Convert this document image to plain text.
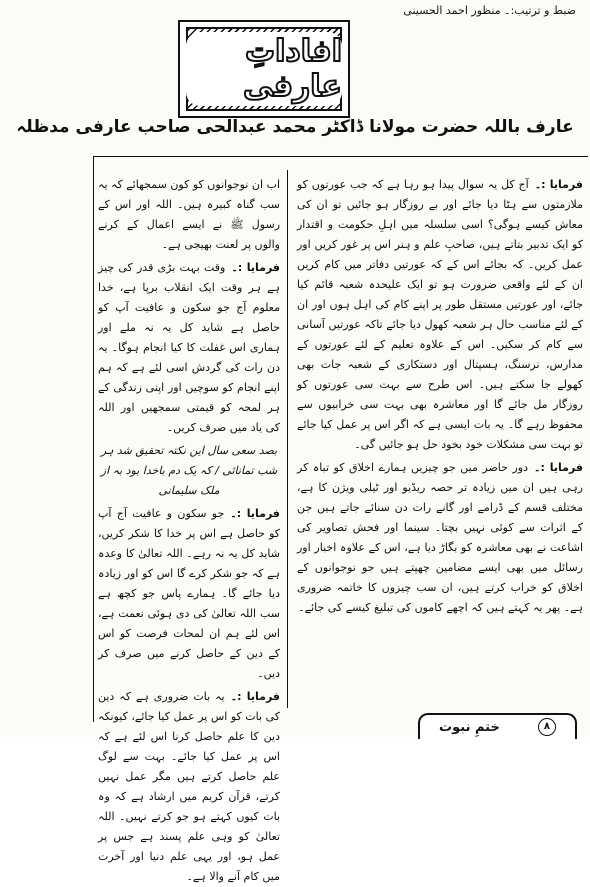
ضبط و ترتیب:۔ منظور احمد الحسینی
افاداتِ عارفی
عارف باللہ حضرت مولانا ڈاکٹر محمد عبدالحی صاحب عارفی مدظلہ

فرمایا :۔آج کل یہ سوال پیدا ہو رہا ہے کہ جب عورتوں کو ملازمتوں سے ہٹا دیا جائے اور بے روزگار ہو جائیں تو ان کی معاش کیسے ہوگی؟ اسی سلسلہ میں اہلِ حکومت و اقتدار کو ایک تدبیر بتاتے ہیں، صاحبِ علم و ہنر اس پر غور کریں اور عمل کریں۔ کہ بجائے اس کے کہ عورتیں دفاتر میں کام کریں ان کے لئے واقعی ضرورت ہو تو ایک علیحدہ شعبہ قائم کیا جائے، اور عورتیں مستقل طور پر اپنے کام کی اہل ہوں اور ان کے لئے مناسب حال ہر شعبہ کھول دیا جائے تاکہ عورتیں آسانی سے کام کر سکیں۔ اس کے علاوہ تعلیم کے لئے عورتوں کے مدارس، نرسنگ، ہسپتال اور دستکاری کے شعبہ جات بھی کھولے جا سکتے ہیں۔ اس طرح سے بہت سی عورتوں کو روزگار مل جائے گا اور معاشرہ بھی بہت سی خرابیوں سے محفوظ رہے گا۔ یہ بات ایسی ہے کہ اگر اس پر عمل کیا جائے تو بہت سی مشکلات خود بخود حل ہو جائیں گی۔

فرمایا :۔دور حاضر میں جو چیزیں ہمارے اخلاق کو تباہ کر رہی ہیں ان میں زیادہ تر حصہ ریڈیو اور ٹیلی ویژن کا ہے، مختلف قسم کے ڈرامے اور گانے رات دن سنائے جاتے ہیں جن کے اثرات سے کوئی نہیں بچتا۔ سینما اور فحش تصاویر کی اشاعت نے بھی معاشرہ کو بگاڑ دیا ہے، اس کے علاوہ اخبار اور رسائل میں بھی ایسے مضامین چھپتے ہیں جو نوجوانوں کے اخلاق کو خراب کرتے ہیں، ان سب چیزوں کا خاتمہ ضروری ہے۔ پھر یہ کہتے ہیں کہ اچھے کاموں کی تبلیغ کیسے کی جائے۔

اب ان نوجوانوں کو کون سمجھائے کہ یہ سب گناہ کبیرہ ہیں۔ اللہ اور اس کے رسول ﷺ نے ایسے اعمال کے کرنے والوں پر لعنت بھیجی ہے۔

فرمایا :۔وقت بہت بڑی قدر کی چیز ہے ہر وقت ایک انقلاب برپا ہے، خدا معلوم آج جو سکون و عافیت آپ کو حاصل ہے شاید کل یہ نہ ملے اور ہماری اس غفلت کا کیا انجام ہوگا۔ یہ دن رات کی گردش اسی لئے ہے کہ ہم اپنے انجام کو سوچیں اور اپنی زندگی کے ہر لمحہ کو قیمتی سمجھیں اور اللہ کی یاد میں صرف کریں۔

بصد سعی سال این نکتہ تحقیق شد ہر شب تمانائی / کہ یک دم باخدا بود بہ از ملک سلیمانی

فرمایا :۔جو سکون و عافیت آج آپ کو حاصل ہے اس پر خدا کا شکر کریں، شاید کل یہ نہ رہے۔ اللہ تعالیٰ کا وعدہ ہے کہ جو شکر کرے گا اس کو اور زیادہ دیا جائے گا۔ ہمارے پاس جو کچھ ہے سب اللہ تعالیٰ کی دی ہوئی نعمت ہے، اس لئے ہم ان لمحات فرصت کو اس کے دین کے حاصل کرنے میں صرف کر دیں۔

فرمایا :۔یہ بات ضروری ہے کہ دین کی بات کو اس پر عمل کیا جائے، کیونکہ دین کا علم حاصل کرنا اس لئے ہے کہ اس پر عمل کیا جائے۔ بہت سے لوگ علم حاصل کرتے ہیں مگر عمل نہیں کرتے، قرآن کریم میں ارشاد ہے کہ وہ بات کیوں کہتے ہو جو کرتے نہیں۔ اللہ تعالیٰ کو وہی علم پسند ہے جس پر عمل ہو، اور یہی علم دنیا اور آخرت میں کام آنے والا ہے۔

۸
ختمِ نبوت
